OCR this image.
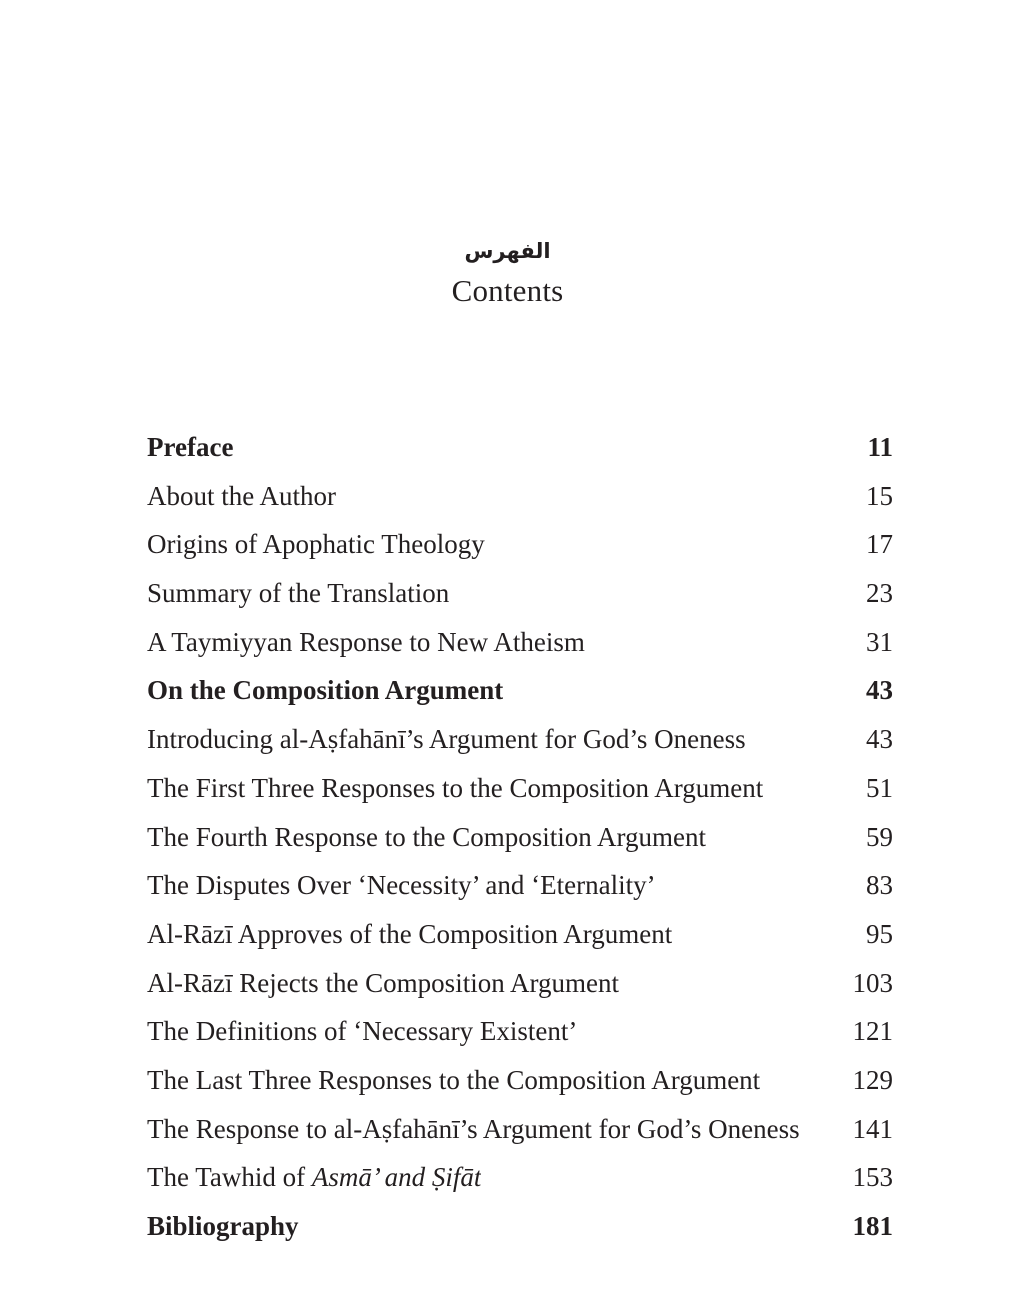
الفهرس
Contents
Preface	11
About the Author	15
Origins of Apophatic Theology	17
Summary of the Translation	23
A Taymiyyan Response to New Atheism	31
On the Composition Argument	43
Introducing al-Aṣfahānī’s Argument for God’s Oneness	43
The First Three Responses to the Composition Argument	51
The Fourth Response to the Composition Argument	59
The Disputes Over ‘Necessity’ and ‘Eternality’	83
Al-Rāzī Approves of the Composition Argument	95
Al-Rāzī Rejects the Composition Argument	103
The Definitions of ‘Necessary Existent’	121
The Last Three Responses to the Composition Argument	129
The Response to al-Aṣfahānī’s Argument for God’s Oneness	141
The Tawhid of Asmā’ and Ṣifāt	153
Bibliography	181
